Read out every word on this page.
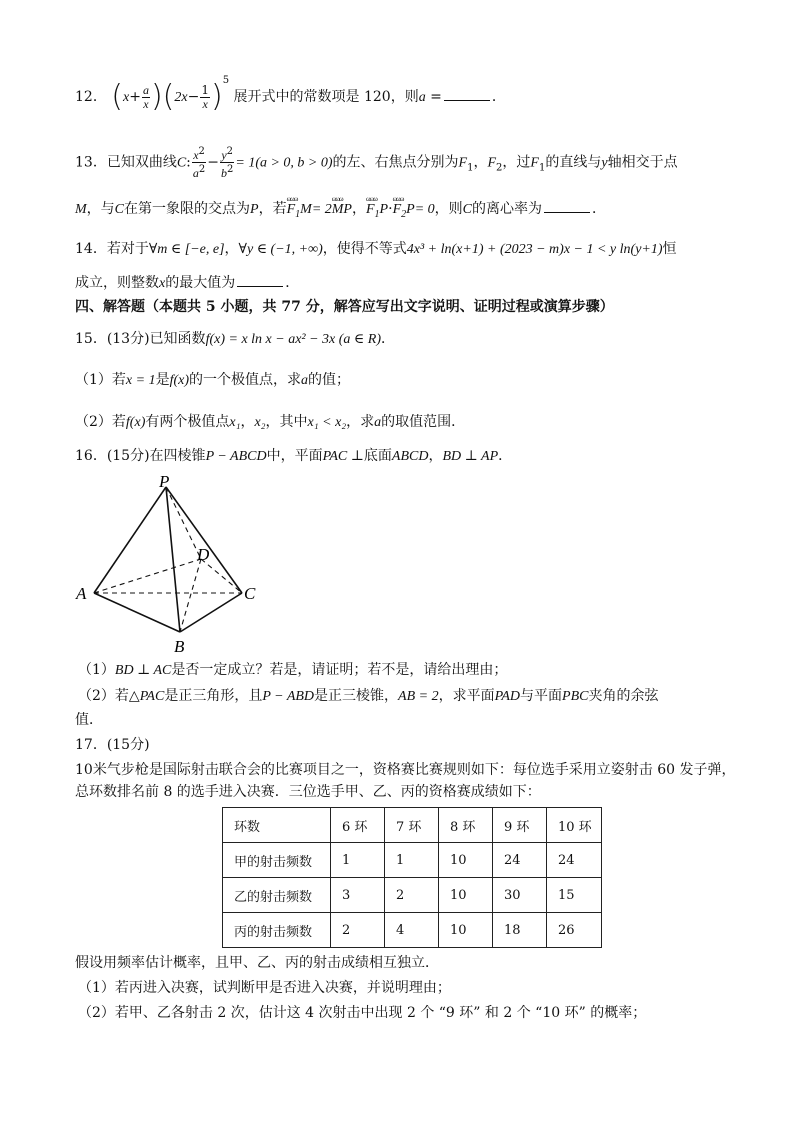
12． $(x+ \frac{a}{x} )(2x- \frac{1}{x} )^5$ 展开式中的常数项是 120，则a =	．
13．已知双曲线C: $\frac{x^2}{a^2} - \frac{y^2}{b^2} = 1(a > 0$, b > 0)的左、右焦点分别为$F_1$，$F_2$，过$F_1$的直线与y轴相交于点
M，与C在第一象限的交点为P，若ωωω $F_1M= 2\omega\omega\omega$ MP，ωωω $F_1P\cdot\omega\omega\omega$ $F_2P= 0$，则C的离心率为	．
14．若对于∀m ∈ [−e, e]，∀y ∈ (−1, +∞)，使得不等式4x³ + ln(x+1) + (2023 − m)x − 1 < y ln(y+1)恒
成立，则整数x的最大值为	．
四、解答题（本题共 5 小题，共 77 分，解答应写出文字说明、证明过程或演算步骤）
15．(13分)已知函数f(x) = x ln x − ax² − 3x (a ∈ R)．
（1）若x = 1是f(x)的一个极值点，求a的值；
（2）若f(x)有两个极值点x₁，x₂，其中x₁ < x₂，求a的取值范围．
16．(15分)在四棱锥P − ABCD中，平面PAC ⊥底面ABCD，BD ⊥ AP．
P
D
A	C
B
（1）BD ⊥ AC是否一定成立？若是，请证明；若不是，请给出理由；
（2）若△PAC是正三角形，且P − ABD是正三棱锥，AB = 2，求平面PAD与平面PBC夹角的余弦
值．
17．(15分)
10米气步枪是国际射击联合会的比赛项目之一，资格赛比赛规则如下：每位选手采用立姿射击 60 发子弹，
总环数排名前 8 的选手进入决赛．三位选手甲、乙、丙的资格赛成绩如下：
环数	6 环	7 环	8 环	9 环	10 环
甲的射击频数	1	1	10	24	24
乙的射击频数	3	2	10	30	15
丙的射击频数	2	4	10	18	26
假设用频率估计概率，且甲、乙、丙的射击成绩相互独立．
（1）若丙进入决赛，试判断甲是否进入决赛，并说明理由；
（2）若甲、乙各射击 2 次，估计这 4 次射击中出现 2 个 “9 环” 和 2 个 “10 环” 的概率；
